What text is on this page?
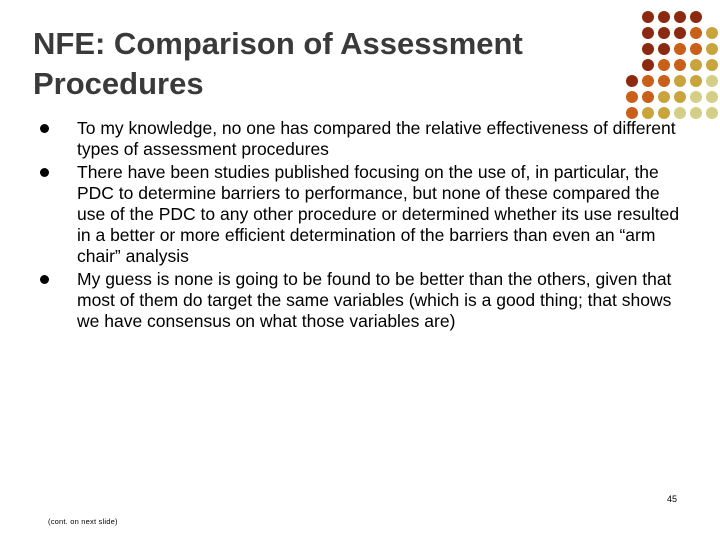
NFE: Comparison of Assessment Procedures
To my knowledge, no one has compared the relative effectiveness of different types of assessment procedures
There have been studies published focusing on the use of, in particular, the PDC to determine barriers to performance, but none of these compared the use of the PDC to any other procedure or determined whether its use resulted in a better or more efficient determination of the barriers than even an “arm chair” analysis
My guess is none is going to be found to be better than the others, given that most of them do target the same variables (which is a good thing; that shows we have consensus on what those variables are)
45
(cont. on next slide)
